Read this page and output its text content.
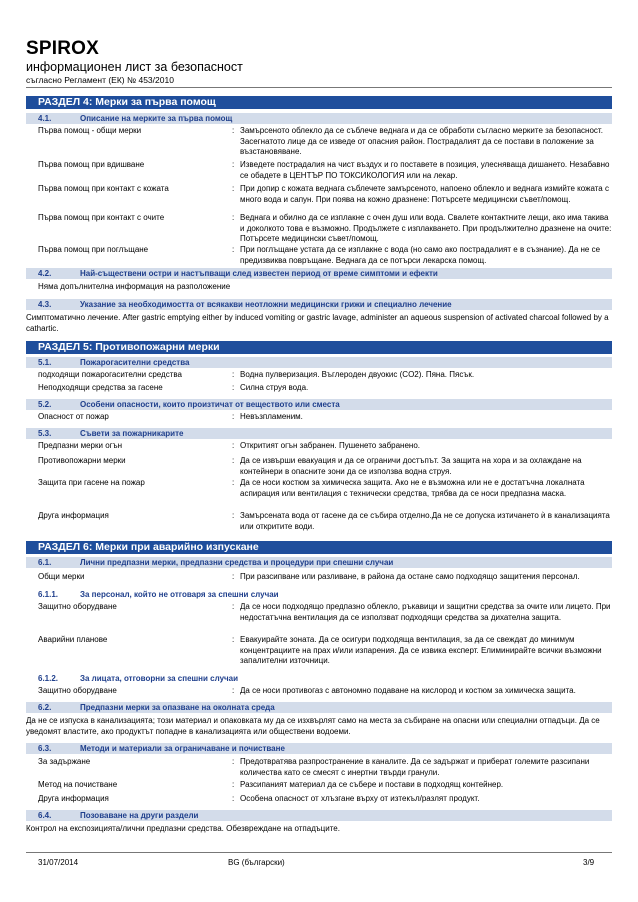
SPIROX
информационен лист за безопасност
съгласно Регламент (ЕК) № 453/2010
РАЗДЕЛ 4: Мерки за първа помощ
4.1.	Описание на мерките за първа помощ
Първа помощ - общи мерки	: Замърсеното облекло да се съблече веднага и да се обработи съгласно мерките за безопасност. Засегнатото лице да се изведе от опасния район. Пострадалият да се постави в положение за възстановяване.
Първа помощ при вдишване	: Изведете пострадалия на чист въздух и го поставете в позиция, улесняваща дишането. Незабавно се обадете в ЦЕНТЪР ПО ТОКСИКОЛОГИЯ или на лекар.
Първа помощ при контакт с кожата	: При допир с кожата веднага съблечете замърсеното, напоено облекло и веднага измийте кожата с много вода и сапун. При поява на кожно дразнене: Потърсете медицински съвет/помощ.
Първа помощ при контакт с очите	: Веднага и обилно да се изплакне с очен душ или вода. Свалете контактните лещи, ако има такива и доколкото това е възможно. Продължете с изплакването. При продължително дразнене на очите: Потърсете медицински съвет/помощ.
Първа помощ при поглъщане	: При поглъщане устата да се изплакне с вода (но само ако пострадалият е в съзнание). Да не се предизвиква повръщане. Веднага да се потърси лекарска помощ.
4.2.	Най-съществени остри и настъпващи след известен период от време симптоми и ефекти
Няма допълнителна информация на разположение
4.3.	Указание за необходимостта от всякакви неотложни медицински грижи и специално лечение
Симптоматично лечение. After gastric emptying either by induced vomiting or gastric lavage, administer an aqueous suspension of activated charcoal followed by a cathartic.
РАЗДЕЛ 5: Противопожарни мерки
5.1.	Пожарогасителни средства
подходящи пожарогасителни средства	: Водна пулверизация. Въглероден двуокис (CO2). Пяна. Пясък.
Неподходящи средства за гасене	: Силна струя вода.
5.2.	Особени опасности, които произтичат от веществото или сместа
Опасност от пожар	: Невъзпламеним.
5.3.	Съвети за пожарникарите
Предпазни мерки огън	: Откритият огън забранен. Пушенето забранено.
Противопожарни мерки	: Да се извърши евакуация и да се ограничи достъпът. За защита на хора и за охлаждане на контейнери в опасните зони да се използва водна струя.
Защита при гасене на пожар	: Да се носи костюм за химическа защита. Ако не е възможна или не е достатъчна локалната аспирация или вентилация с технически средства, трябва да се носи предпазна маска.
Друга информация	: Замърсената вода от гасене да се събира отделно.Да не се допуска изтичането ѝ в канализацията или откритите води.
РАЗДЕЛ 6: Мерки при аварийно изпускане
6.1.	Лични предпазни мерки, предпазни средства и процедури при спешни случаи
Общи мерки	: При разсипване или разливане, в района да остане само подходящо защитения персонал.
6.1.1.	За персонал, който не отговаря за спешни случаи
Защитно оборудване	: Да се носи подходящо предпазно облекло, ръкавици и защитни средства за очите или лицето. При недостатъчна вентилация да се използват подходящи средства за дихателна защита.
Аварийни планове	: Евакуирайте зоната. Да се осигури подходяща вентилация, за да се свеждат до минимум концентрациите на прах и/или изпарения. Да се извика експерт. Елиминирайте всички възможни запалителни източници.
6.1.2.	За лицата, отговорни за спешни случаи
Защитно оборудване	: Да се носи противогаз с автономно подаване на кислород и костюм за химическа защита.
6.2.	Предпазни мерки за опазване на околната среда
Да не се изпуска в канализацията; този материал и опаковката му да се изхвърлят само на места за събиране на опасни или специални отпадъци. Да се уведомят властите, ако продуктът попадне в канализацията или обществени водоеми.
6.3.	Методи и материали за ограничаване и почистване
За задържане	: Предотвратява разпространение в каналите. Да се задържат и приберат големите разсипани количества като се смесят с инертни твърди гранули.
Метод на почистване	: Разсипаният материал да се събере и постави в подходящ контейнер.
Друга информация	: Особена опасност от хлъзгане върху от изтекъл/разлят продукт.
6.4.	Позоваване на други раздели
Контрол на експозицията/лични предпазни средства. Обезвреждане на отпадъците.
31/07/2014	BG (български)	3/9
